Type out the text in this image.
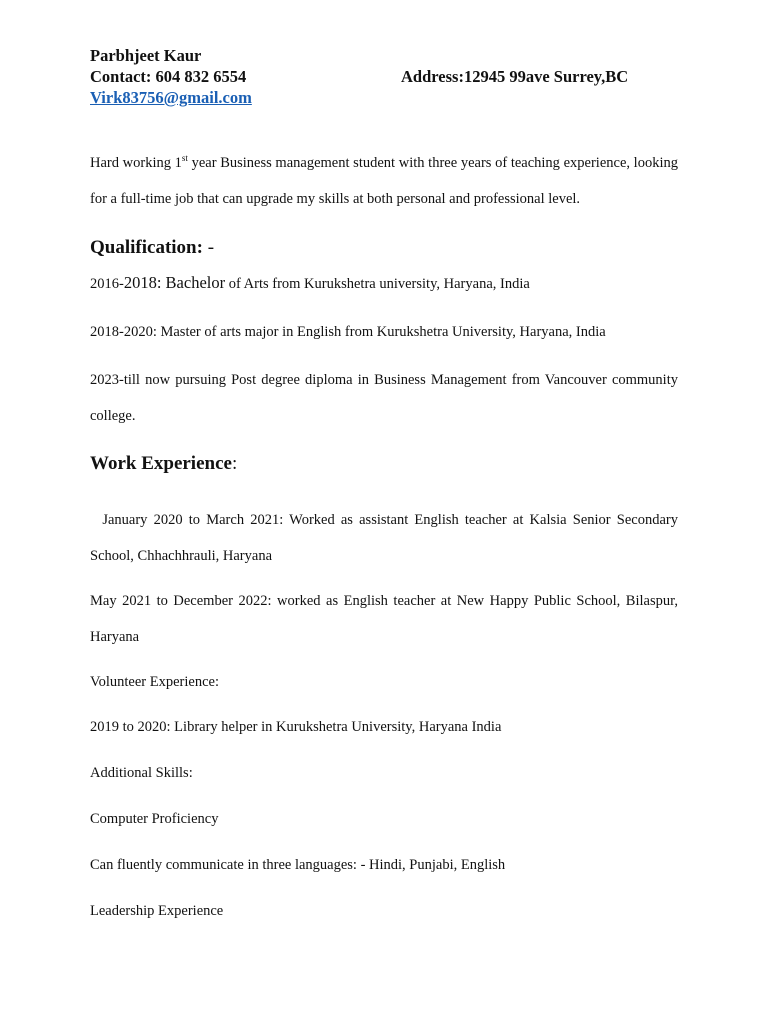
Parbhjeet Kaur
Contact: 604 832 6554	Address:12945 99ave Surrey,BC
Virk83756@gmail.com
Hard working 1st year Business management student with three years of teaching experience, looking for a full-time job that can upgrade my skills at both personal and professional level.
Qualification: -
2016-2018: Bachelor of Arts from Kurukshetra university, Haryana, India
2018-2020: Master of arts major in English from Kurukshetra University, Haryana, India
2023-till now pursuing Post degree diploma in Business Management from Vancouver community college.
Work Experience:
January 2020 to March 2021: Worked as assistant English teacher at Kalsia Senior Secondary School, Chhachhrauli, Haryana
May 2021 to December 2022: worked as English teacher at New Happy Public School, Bilaspur, Haryana
Volunteer Experience:
2019 to 2020: Library helper in Kurukshetra University, Haryana India
Additional Skills:
Computer Proficiency
Can fluently communicate in three languages: - Hindi, Punjabi, English
Leadership Experience
